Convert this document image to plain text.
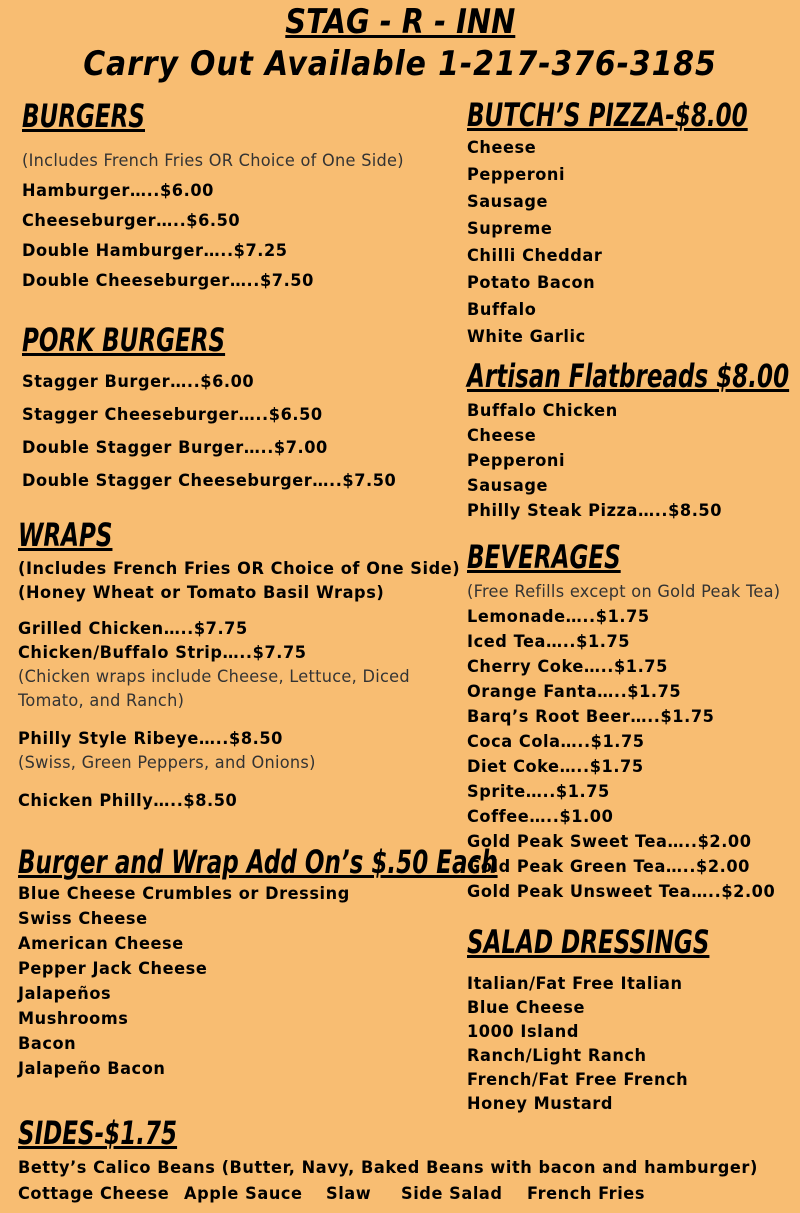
STAG - R - INN
Carry Out Available 1-217-376-3185
BURGERS
(Includes French Fries OR Choice of One Side)
Hamburger…..$6.00
Cheeseburger…..$6.50
Double Hamburger…..$7.25
Double Cheeseburger…..$7.50
PORK BURGERS
Stagger Burger…..$6.00
Stagger Cheeseburger…..$6.50
Double Stagger Burger…..$7.00
Double Stagger Cheeseburger…..$7.50
WRAPS
(Includes French Fries OR Choice of One Side)
(Honey Wheat or Tomato Basil Wraps)
Grilled Chicken…..$7.75
Chicken/Buffalo Strip…..$7.75
(Chicken wraps include Cheese, Lettuce, Diced
Tomato, and Ranch)
Philly Style Ribeye…..$8.50
(Swiss, Green Peppers, and Onions)
Chicken Philly…..$8.50
Burger and Wrap Add On’s $.50 Each
Blue Cheese Crumbles or Dressing
Swiss Cheese
American Cheese
Pepper Jack Cheese
Jalapeños
Mushrooms
Bacon
Jalapeño Bacon
SIDES-$1.75
Betty’s Calico Beans (Butter, Navy, Baked Beans with bacon and hamburger)
Cottage Cheese Apple Sauce	Slaw	Side Salad	French Fries
BUTCH’S PIZZA-$8.00
Cheese
Pepperoni
Sausage
Supreme
Chilli Cheddar
Potato Bacon
Buffalo
White Garlic
Artisan Flatbreads $8.00
Buffalo Chicken
Cheese
Pepperoni
Sausage
Philly Steak Pizza…..$8.50
BEVERAGES
(Free Refills except on Gold Peak Tea)
Lemonade…..$1.75
Iced Tea…..$1.75
Cherry Coke…..$1.75
Orange Fanta…..$1.75
Barq’s Root Beer…..$1.75
Coca Cola…..$1.75
Diet Coke…..$1.75
Sprite…..$1.75
Coffee…..$1.00
Gold Peak Sweet Tea…..$2.00
Gold Peak Green Tea…..$2.00
Gold Peak Unsweet Tea…..$2.00
SALAD DRESSINGS
Italian/Fat Free Italian
Blue Cheese
1000 Island
Ranch/Light Ranch
French/Fat Free French
Honey Mustard
